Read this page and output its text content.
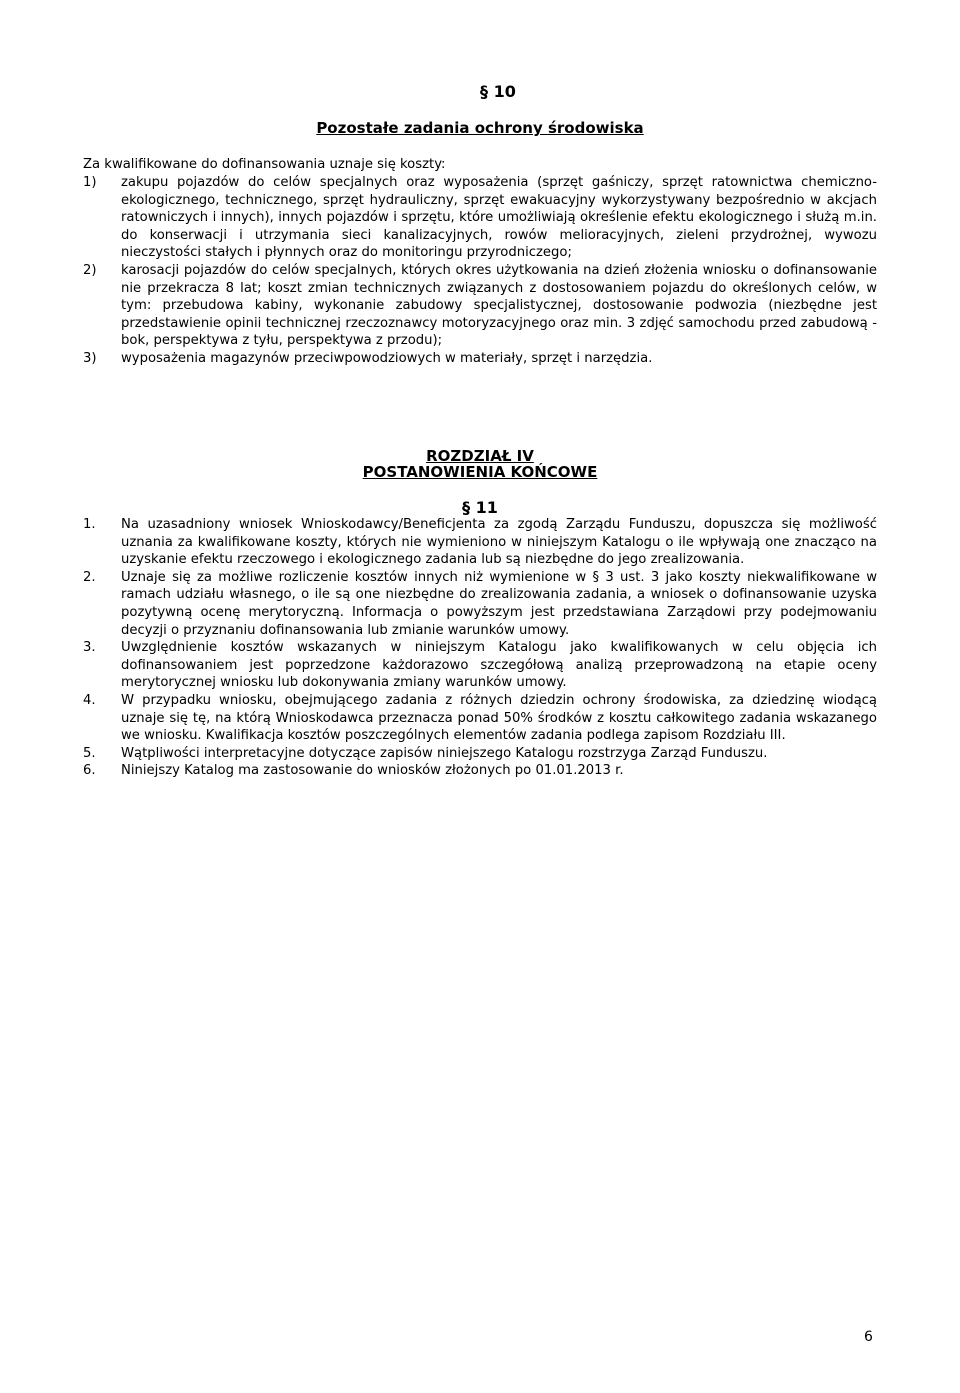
§ 10
Pozostałe zadania ochrony środowiska
Za kwalifikowane do dofinansowania uznaje się koszty:
1)	zakupu pojazdów do celów specjalnych oraz wyposażenia (sprzęt gaśniczy, sprzęt ratownictwa chemiczno-ekologicznego, technicznego, sprzęt hydrauliczny, sprzęt ewakuacyjny wykorzystywany bezpośrednio w akcjach ratowniczych i innych), innych pojazdów i sprzętu, które umożliwiają określenie efektu ekologicznego i służą m.in. do konserwacji i utrzymania sieci kanalizacyjnych, rowów melioracyjnych, zieleni przydrożnej, wywozu nieczystości stałych i płynnych oraz do monitoringu przyrodniczego;
2)	karosacji pojazdów do celów specjalnych, których okres użytkowania na dzień złożenia wniosku o dofinansowanie nie przekracza 8 lat; koszt zmian technicznych związanych z dostosowaniem pojazdu do określonych celów, w tym: przebudowa kabiny, wykonanie zabudowy specjalistycznej, dostosowanie podwozia (niezbędne jest przedstawienie opinii technicznej rzeczoznawcy motoryzacyjnego oraz min. 3 zdjęć samochodu przed zabudową - bok, perspektywa z tyłu, perspektywa z przodu);
3)	wyposażenia magazynów przeciwpowodziowych w materiały, sprzęt i narzędzia.
ROZDZIAŁ IV
POSTANOWIENIA KOŃCOWE
§ 11
1.	Na uzasadniony wniosek Wnioskodawcy/Beneficjenta za zgodą Zarządu Funduszu, dopuszcza się możliwość uznania za kwalifikowane koszty, których nie wymieniono w niniejszym Katalogu o ile wpływają one znacząco na uzyskanie efektu rzeczowego i ekologicznego zadania lub są niezbędne do jego zrealizowania.
2.	Uznaje się za możliwe rozliczenie kosztów innych niż wymienione w § 3 ust. 3 jako koszty niekwalifikowane w ramach udziału własnego, o ile są one niezbędne do zrealizowania zadania, a wniosek o dofinansowanie uzyska pozytywną ocenę merytoryczną. Informacja o powyższym jest przedstawiana Zarządowi przy podejmowaniu decyzji o przyznaniu dofinansowania lub zmianie warunków umowy.
3.	Uwzględnienie kosztów wskazanych w niniejszym Katalogu jako kwalifikowanych w celu objęcia ich dofinansowaniem jest poprzedzone każdorazowo szczegółową analizą przeprowadzoną na etapie oceny merytorycznej wniosku lub dokonywania zmiany warunków umowy.
4.	W przypadku wniosku, obejmującego zadania z różnych dziedzin ochrony środowiska, za dziedzinę wiodącą uznaje się tę, na którą Wnioskodawca przeznacza ponad 50% środków z kosztu całkowitego zadania wskazanego we wniosku. Kwalifikacja kosztów poszczególnych elementów zadania podlega zapisom Rozdziału III.
5.	Wątpliwości interpretacyjne dotyczące zapisów niniejszego Katalogu rozstrzyga Zarząd Funduszu.
6.	Niniejszy Katalog ma zastosowanie do wniosków złożonych po 01.01.2013 r.
6
